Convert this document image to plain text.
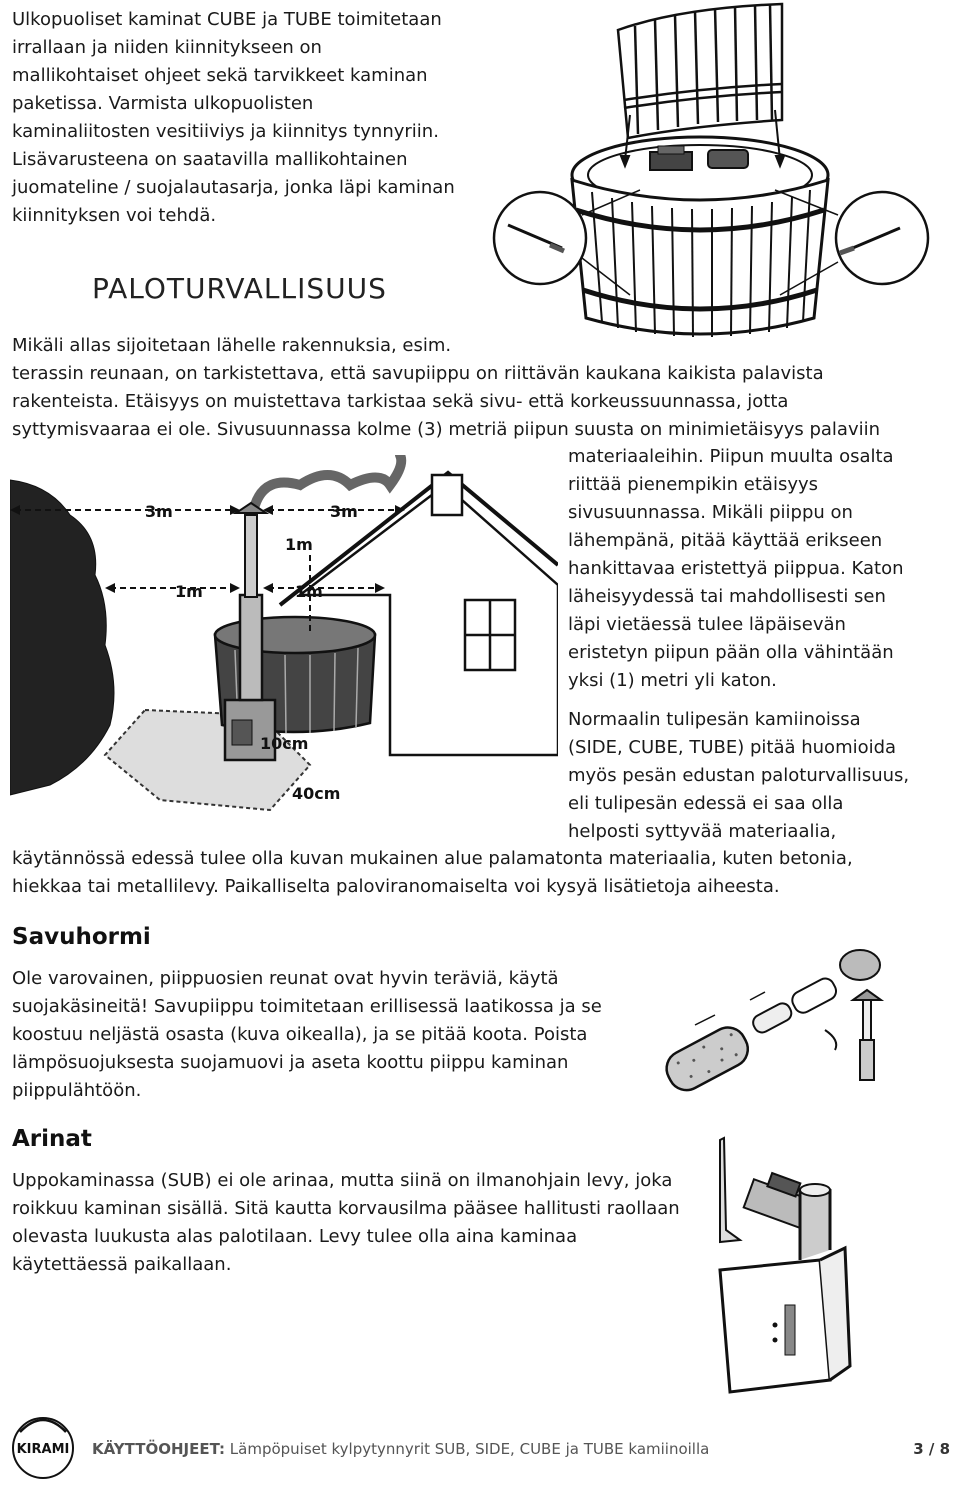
Ulkopuoliset kaminat CUBE ja TUBE toimitetaan

irrallaan ja niiden kiinnitykseen on

mallikohtaiset ohjeet sekä tarvikkeet kaminan

paketissa. Varmista ulkopuolisten

kaminaliitosten vesitiiviys ja kiinnitys tynnyriin.

Lisävarusteena on saatavilla mallikohtainen

juomateline / suojalautasarja, jonka läpi kaminan

kiinnityksen voi tehdä.

PALOTURVALLISUUS

Mikäli allas sijoitetaan lähelle rakennuksia, esim.

terassin reunaan, on tarkistettava, että savupiippu on riittävän kaukana kaikista palavista

rakenteista. Etäisyys on muistettava tarkistaa sekä sivu- että korkeussuunnassa, jotta

syttymisvaaraa ei ole. Sivusuunnassa kolme (3) metriä piipun suusta on minimietäisyys palaviin

materiaaleihin. Piipun muulta osalta

riittää pienempikin etäisyys

sivusuunnassa. Mikäli piippu on

lähempänä, pitää käyttää erikseen

hankittavaa eristettyä piippua. Katon

läheisyydessä tai mahdollisesti sen

läpi vietäessä tulee läpäisevän

eristetyn piipun pään olla vähintään

yksi (1) metri yli katon.

Normaalin tulipesän kamiinoissa

(SIDE, CUBE, TUBE) pitää huomioida

myös pesän edustan paloturvallisuus,

eli tulipesän edessä ei saa olla

helposti syttyvää materiaalia,

käytännössä edessä tulee olla kuvan mukainen alue palamatonta materiaalia, kuten betonia,

hiekkaa tai metallilevy. Paikalliselta paloviranomaiselta voi kysyä lisätietoja aiheesta.

3m	3m
1m	1m
1m
10cm
40cm
Savuhormi

Ole varovainen, piippuosien reunat ovat hyvin teräviä, käytä

suojakäsineitä! Savupiippu toimitetaan erillisessä laatikossa ja se

koostuu neljästä osasta (kuva oikealla), ja se pitää koota. Poista

lämpösuojuksesta suojamuovi ja aseta koottu piippu kaminan

piippulähtöön.

Arinat

Uppokaminassa (SUB) ei ole arinaa, mutta siinä on ilmanohjain levy, joka

roikkuu kaminan sisällä. Sitä kautta korvausilma pääsee hallitusti raollaan

olevasta luukusta alas palotilaan. Levy tulee olla aina kaminaa

käytettäessä paikallaan.

KIRAMI KÄYTTÖOHJEET: Lämpöpuiset kylpytynnyrit SUB, SIDE, CUBE ja TUBE kamiinoilla	3 / 8
